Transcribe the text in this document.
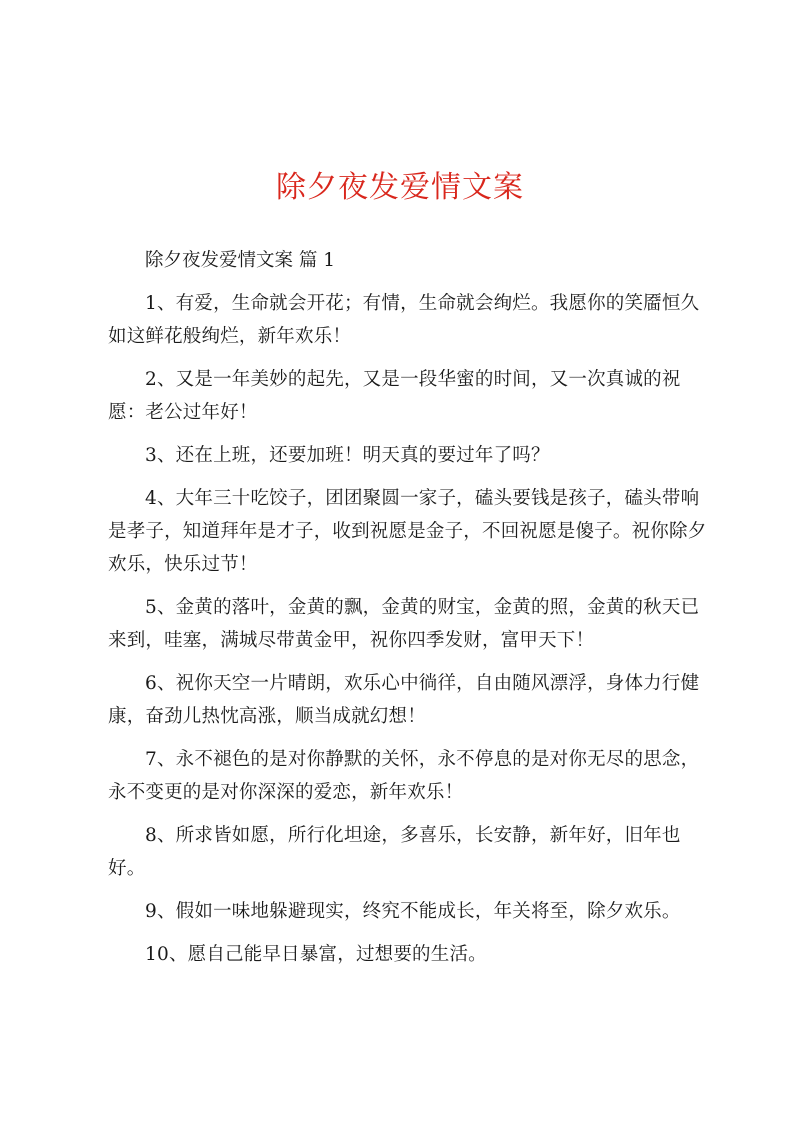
除夕夜发爱情文案

除夕夜发爱情文案 篇 1

1、有爱，生命就会开花；有情，生命就会绚烂。我愿你的笑靥恒久如这鲜花般绚烂，新年欢乐！

2、又是一年美妙的起先，又是一段华蜜的时间，又一次真诚的祝愿：老公过年好！

3、还在上班，还要加班！明天真的要过年了吗？

4、大年三十吃饺子，团团聚圆一家子，磕头要钱是孩子，磕头带响是孝子，知道拜年是才子，收到祝愿是金子，不回祝愿是傻子。祝你除夕欢乐，快乐过节！

5、金黄的落叶，金黄的飘，金黄的财宝，金黄的照，金黄的秋天已来到，哇塞，满城尽带黄金甲，祝你四季发财，富甲天下！

6、祝你天空一片晴朗，欢乐心中徜徉，自由随风漂浮，身体力行健康，奋劲儿热忱高涨，顺当成就幻想！

7、永不褪色的是对你静默的关怀，永不停息的是对你无尽的思念，永不变更的是对你深深的爱恋，新年欢乐！

8、所求皆如愿，所行化坦途，多喜乐，长安静，新年好，旧年也好。

9、假如一味地躲避现实，终究不能成长，年关将至，除夕欢乐。

10、愿自己能早日暴富，过想要的生活。
